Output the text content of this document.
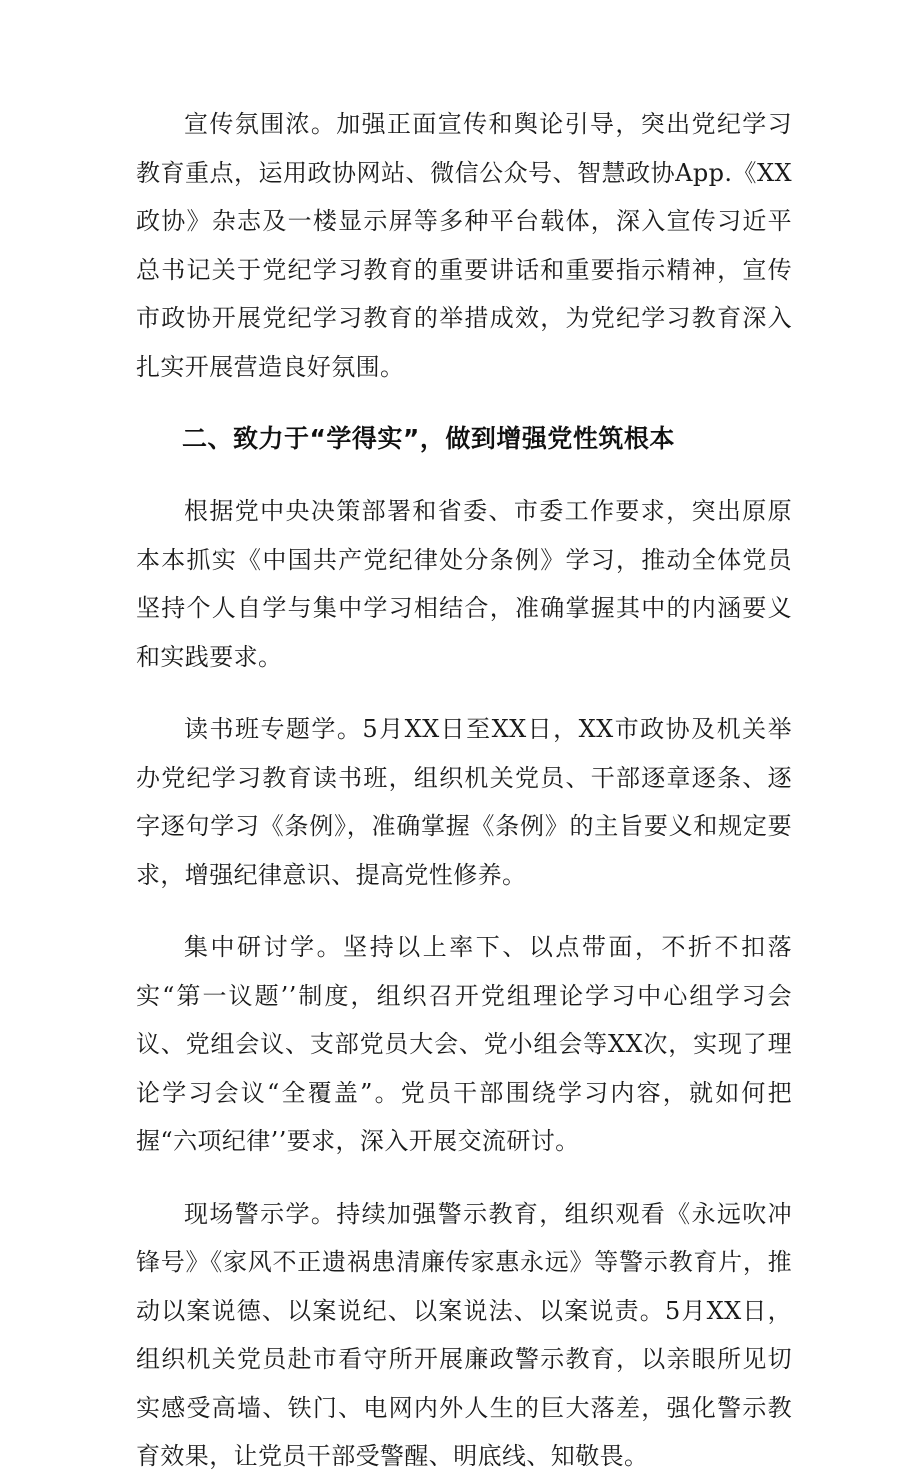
宣传氛围浓。加强正面宣传和舆论引导，突出党纪学习教育重点，运用政协网站、微信公众号、智慧政协App.《XX政协》杂志及一楼显示屏等多种平台载体，深入宣传习近平总书记关于党纪学习教育的重要讲话和重要指示精神，宣传市政协开展党纪学习教育的举措成效，为党纪学习教育深入扎实开展营造良好氛围。

二、致力于“学得实”，做到增强党性筑根本

根据党中央决策部署和省委、市委工作要求，突出原原本本抓实《中国共产党纪律处分条例》学习，推动全体党员坚持个人自学与集中学习相结合，准确掌握其中的内涵要义和实践要求。

读书班专题学。5月XX日至XX日，XX市政协及机关举办党纪学习教育读书班，组织机关党员、干部逐章逐条、逐字逐句学习《条例》，准确掌握《条例》的主旨要义和规定要求，增强纪律意识、提高党性修养。

集中研讨学。坚持以上率下、以点带面，不折不扣落实“第一议题’’制度，组织召开党组理论学习中心组学习会议、党组会议、支部党员大会、党小组会等XX次，实现了理论学习会议“全覆盖”。党员干部围绕学习内容，就如何把握“六项纪律’’要求，深入开展交流研讨。

现场警示学。持续加强警示教育，组织观看《永远吹冲锋号》《家风不正遗祸患清廉传家惠永远》等警示教育片，推动以案说德、以案说纪、以案说法、以案说责。5月XX日，组织机关党员赴市看守所开展廉政警示教育，以亲眼所见切实感受高墙、铁门、电网内外人生的巨大落差，强化警示教育效果，让党员干部受警醒、明底线、知敬畏。
